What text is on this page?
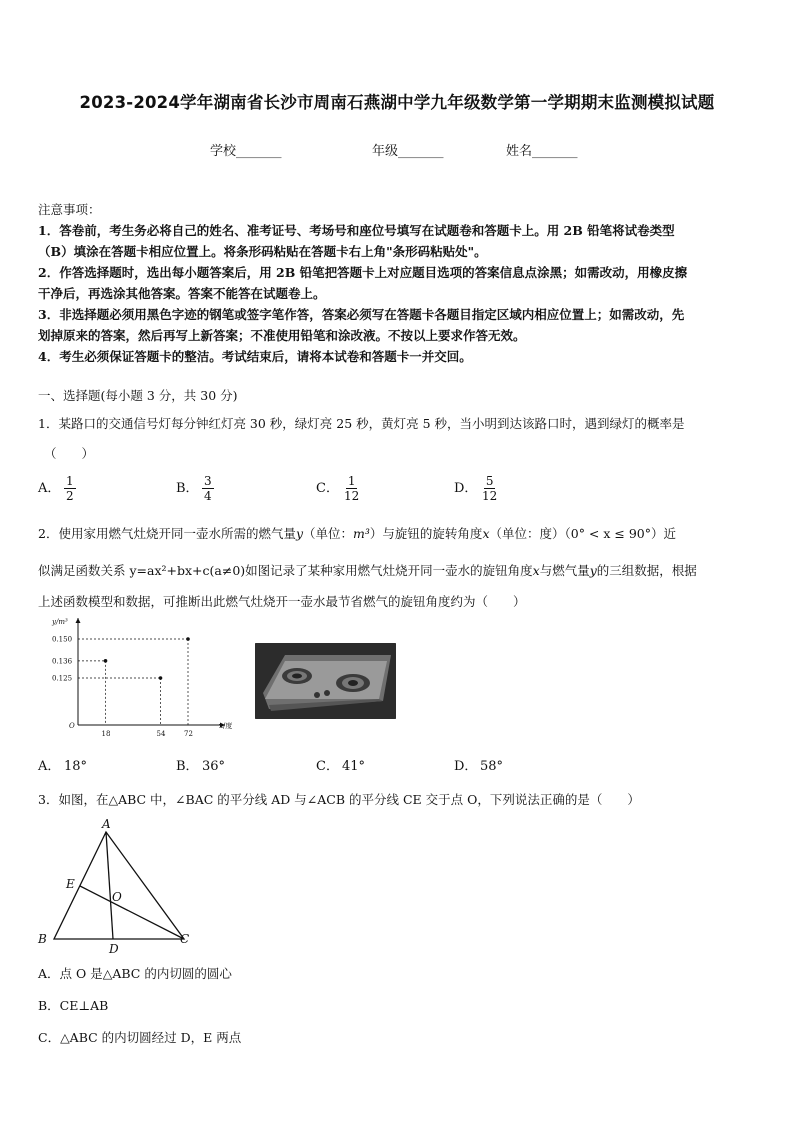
2023-2024学年湖南省长沙市周南石燕湖中学九年级数学第一学期期末监测模拟试题
学校_______	年级_______	姓名_______
注意事项：
1．答卷前，考生务必将自己的姓名、准考证号、考场号和座位号填写在试题卷和答题卡上。用 2B 铅笔将试卷类型
（B）填涂在答题卡相应位置上。将条形码粘贴在答题卡右上角"条形码粘贴处"。
2．作答选择题时，选出每小题答案后，用 2B 铅笔把答题卡上对应题目选项的答案信息点涂黑；如需改动，用橡皮擦
干净后，再选涂其他答案。答案不能答在试题卷上。
3．非选择题必须用黑色字迹的钢笔或签字笔作答，答案必须写在答题卡各题目指定区域内相应位置上；如需改动，先
划掉原来的答案，然后再写上新答案；不准使用铅笔和涂改液。不按以上要求作答无效。
4．考生必须保证答题卡的整洁。考试结束后，请将本试卷和答题卡一并交回。
一、选择题(每小题 3 分，共 30 分)
1．某路口的交通信号灯每分钟红灯亮 30 秒，绿灯亮 25 秒，黄灯亮 5 秒，当小明到达该路口时，遇到绿灯的概率是
（　　）
A． $\frac{1}{2}$	B． $\frac{3}{4}$	C． $\frac{1}{12}$	D． $\frac{5}{12}$
2．使用家用燃气灶烧开同一壶水所需的燃气量y（单位：m³）与旋钮的旋转角度x（单位：度）（0° < x ≤ 90°）近
似满足函数关系 y=ax²+bx+c(a≠0)如图记录了某种家用燃气灶烧开同一壶水的旋钮角度x与燃气量y的三组数据，根据
上述函数模型和数据，可推断出此燃气灶烧开一壶水最节省燃气的旋钮角度约为（　　）
y/m³
x/度
O
0.150
0.136
0.125
18	54	72
A． 18°	B． 36°	C． 41°	D． 58°
3．如图，在△ABC 中，∠BAC 的平分线 AD 与∠ACB 的平分线 CE 交于点 O，下列说法正确的是（　　）
A
B	C
D
E
O
A．点 O 是△ABC 的内切圆的圆心
B．CE⊥AB
C．△ABC 的内切圆经过 D，E 两点
